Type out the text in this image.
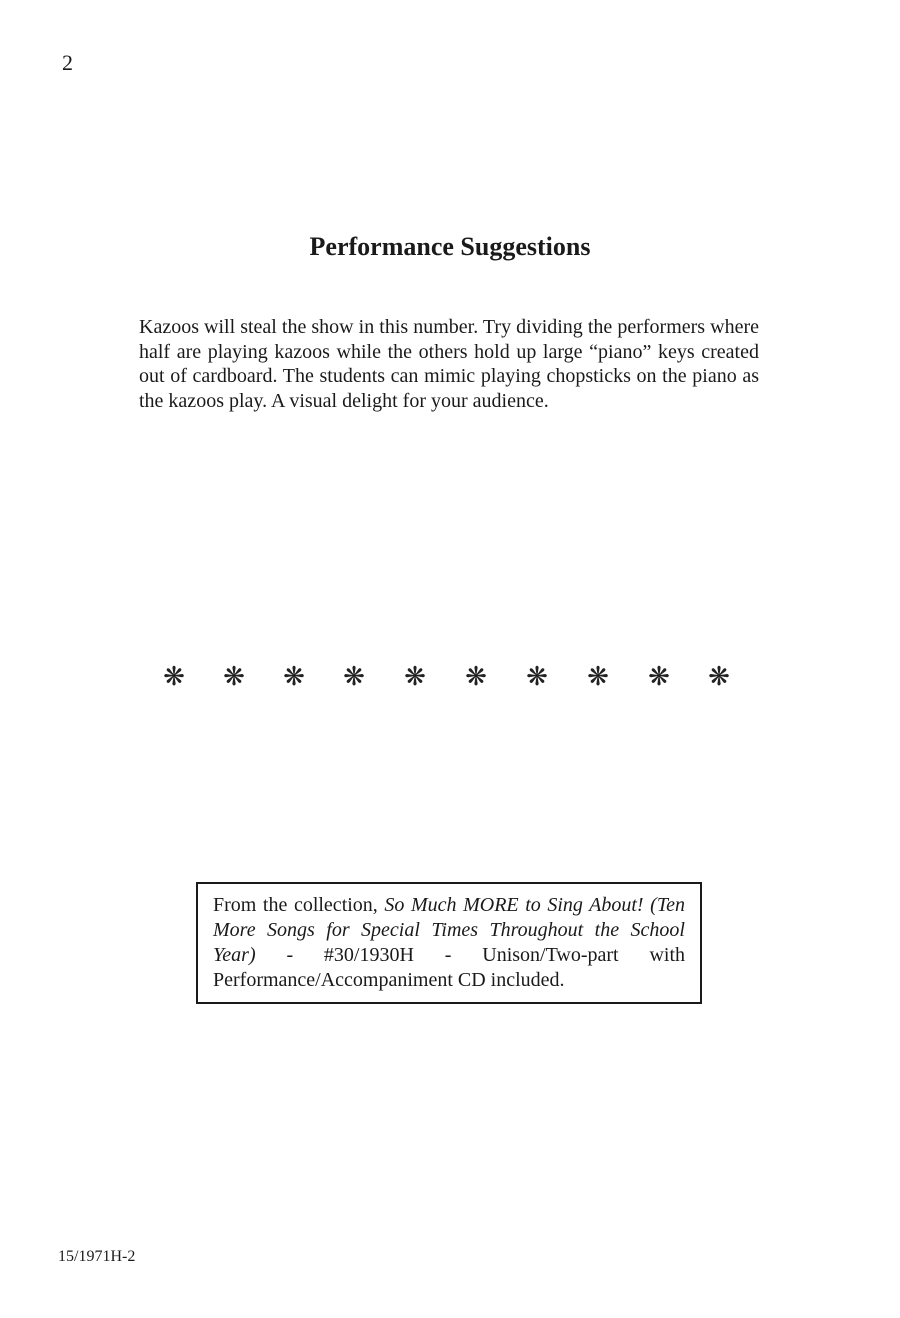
2
Performance Suggestions

Kazoos will steal the show in this number. Try dividing the performers where half are playing kazoos while the others hold up large “piano” keys created out of cardboard. The students can mimic playing chopsticks on the piano as the kazoos play. A visual delight for your audience.

❋ ❋ ❋ ❋ ❋ ❋ ❋ ❋ ❋ ❋
From the collection, So Much MORE to Sing About! (Ten More Songs for Special Times Throughout the School Year) - #30/1930H - Unison/Two-part with Performance/Accompaniment CD included.
15/1971H-2
